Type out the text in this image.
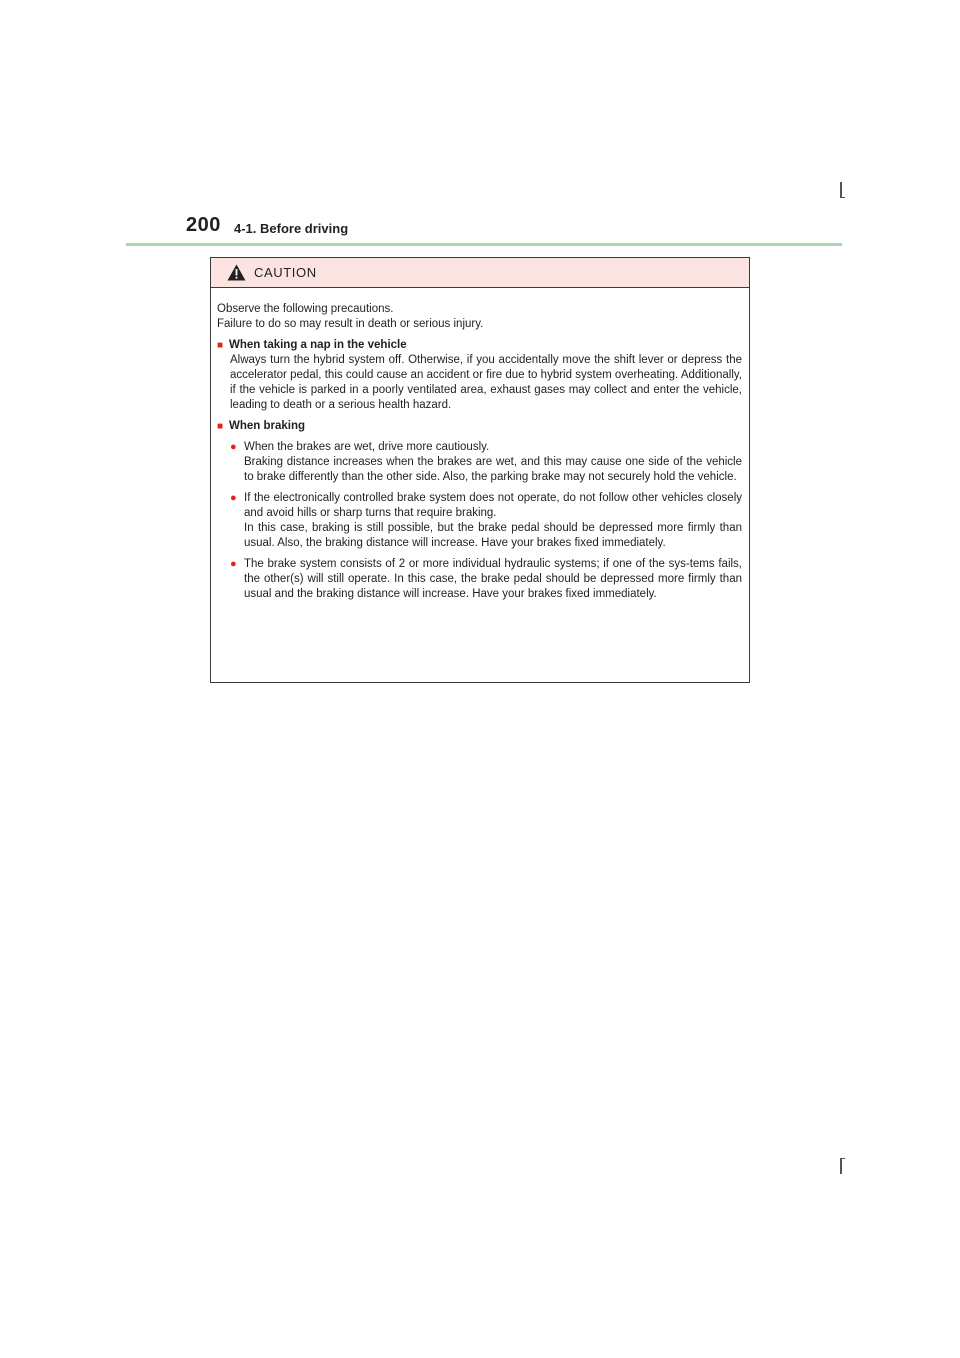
200 4-1. Before driving
CAUTION

Observe the following precautions.

Failure to do so may result in death or serious injury.

■ When taking a nap in the vehicle
Always turn the hybrid system off. Otherwise, if you accidentally move the shift lever or depress the accelerator pedal, this could cause an accident or fire due to hybrid system overheating. Additionally, if the vehicle is parked in a poorly ventilated area, exhaust gases may collect and enter the vehicle, leading to death or a serious health hazard.
■ When braking
● When the brakes are wet, drive more cautiously.

Braking distance increases when the brakes are wet, and this may cause one side of the vehicle to brake differently than the other side. Also, the parking brake may not securely hold the vehicle.

● If the electronically controlled brake system does not operate, do not follow other vehicles closely and avoid hills or sharp turns that require braking.

In this case, braking is still possible, but the brake pedal should be depressed more firmly than usual. Also, the braking distance will increase. Have your brakes fixed immediately.

● The brake system consists of 2 or more individual hydraulic systems; if one of the sys-tems fails, the other(s) will still operate. In this case, the brake pedal should be depressed more firmly than usual and the braking distance will increase. Have your brakes fixed immediately.
